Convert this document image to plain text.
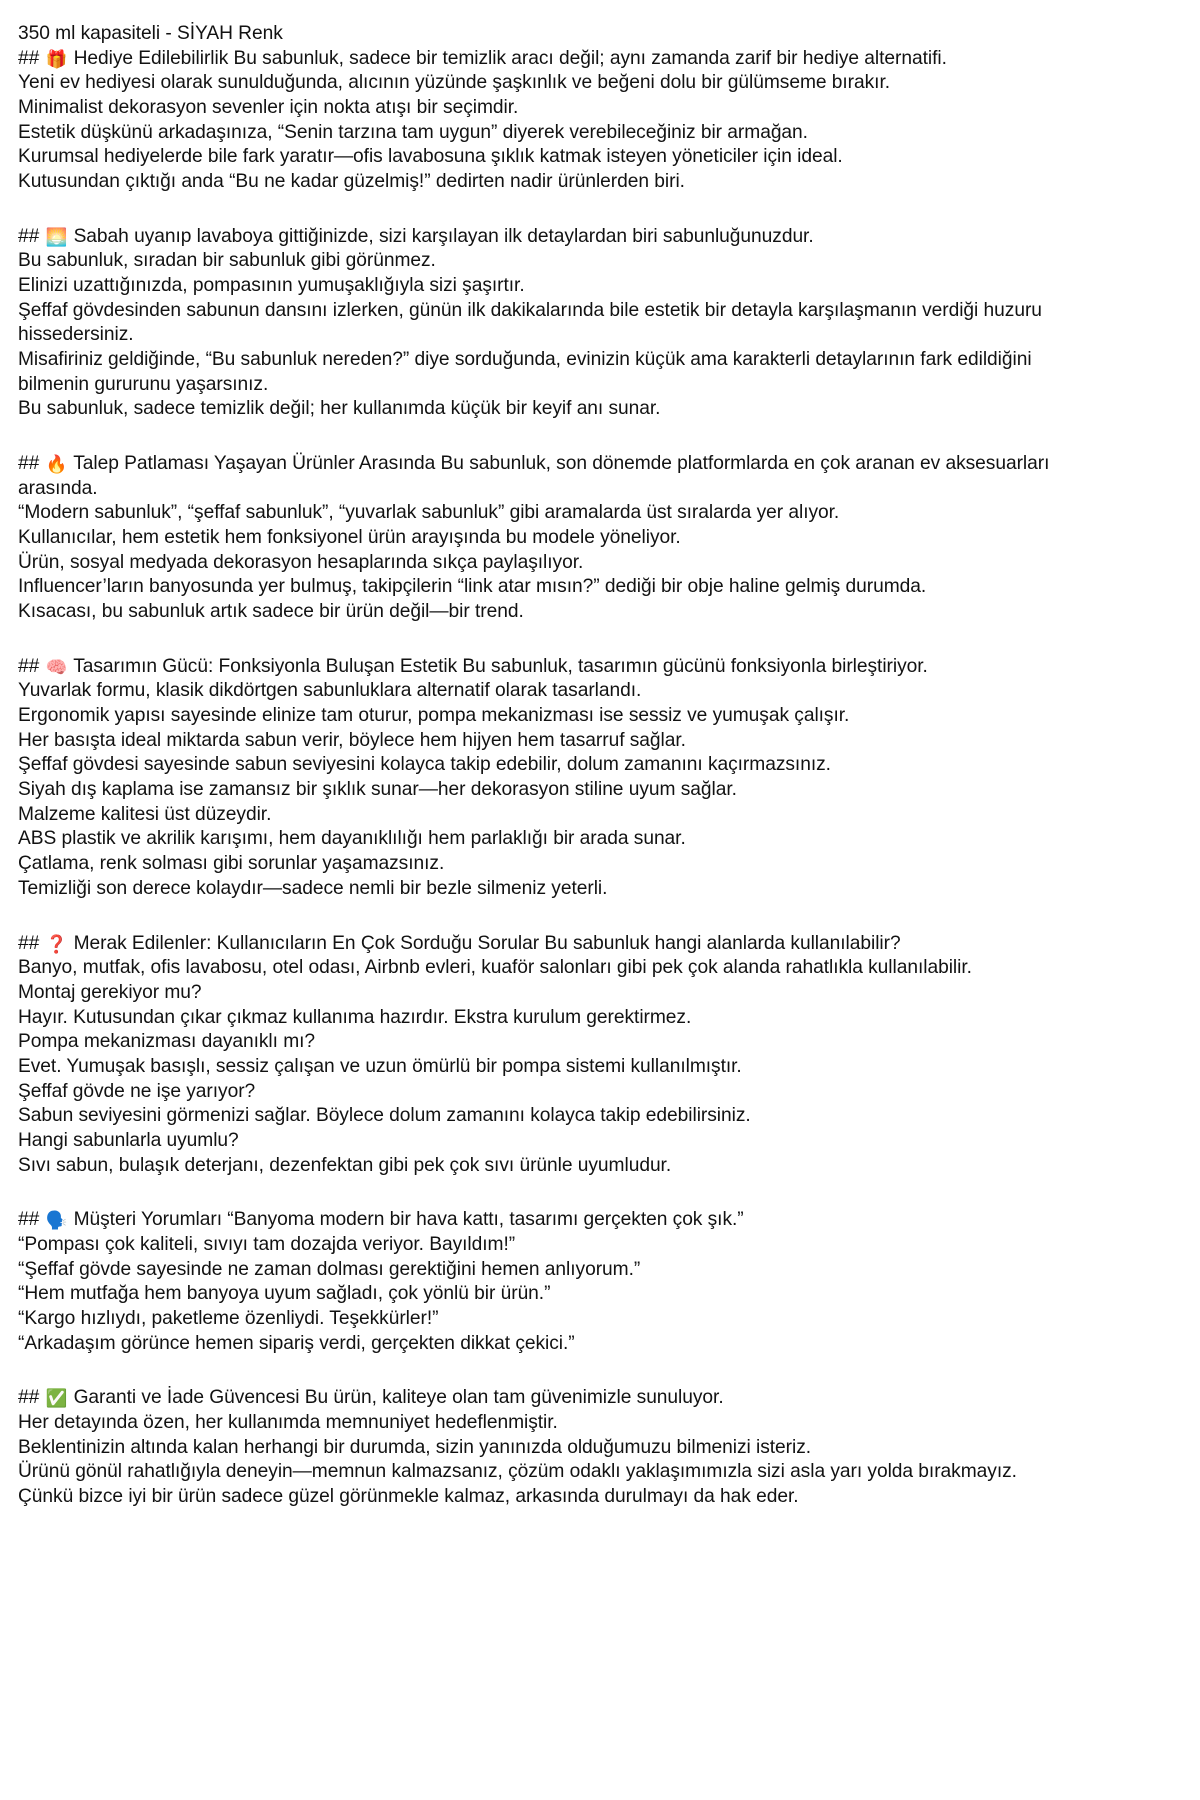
350 ml kapasiteli - SİYAH Renk
## 🎁 Hediye Edilebilirlik Bu sabunluk, sadece bir temizlik aracı değil; aynı zamanda zarif bir hediye alternatifi.
Yeni ev hediyesi olarak sunulduğunda, alıcının yüzünde şaşkınlık ve beğeni dolu bir gülümseme bırakır.
Minimalist dekorasyon sevenler için nokta atışı bir seçimdir.
Estetik düşkünü arkadaşınıza, “Senin tarzına tam uygun” diyerek verebileceğiniz bir armağan.
Kurumsal hediyelerde bile fark yaratır—ofis lavabosuna şıklık katmak isteyen yöneticiler için ideal.
Kutusundan çıktığı anda “Bu ne kadar güzelmiş!” dedirten nadir ürünlerden biri.
## 🌅 Sabah uyanıp lavaboya gittiğinizde, sizi karşılayan ilk detaylardan biri sabunluğunuzdur.
Bu sabunluk, sıradan bir sabunluk gibi görünmez.
Elinizi uzattığınızda, pompasının yumuşaklığıyla sizi şaşırtır.
Şeffaf gövdesinden sabunun dansını izlerken, günün ilk dakikalarında bile estetik bir detayla karşılaşmanın verdiği huzuru hissedersiniz.
Misafiriniz geldiğinde, “Bu sabunluk nereden?” diye sorduğunda, evinizin küçük ama karakterli detaylarının fark edildiğini bilmenin gururunu yaşarsınız.
Bu sabunluk, sadece temizlik değil; her kullanımda küçük bir keyif anı sunar.
## 🔥 Talep Patlaması Yaşayan Ürünler Arasında Bu sabunluk, son dönemde platformlarda en çok aranan ev aksesuarları arasında.
“Modern sabunluk”, “şeffaf sabunluk”, “yuvarlak sabunluk” gibi aramalarda üst sıralarda yer alıyor.
Kullanıcılar, hem estetik hem fonksiyonel ürün arayışında bu modele yöneliyor.
Ürün, sosyal medyada dekorasyon hesaplarında sıkça paylaşılıyor.
Influencer’ların banyosunda yer bulmuş, takipçilerin “link atar mısın?” dediği bir obje haline gelmiş durumda.
Kısacası, bu sabunluk artık sadece bir ürün değil—bir trend.
## 🧠 Tasarımın Gücü: Fonksiyonla Buluşan Estetik Bu sabunluk, tasarımın gücünü fonksiyonla birleştiriyor.
Yuvarlak formu, klasik dikdörtgen sabunluklara alternatif olarak tasarlandı.
Ergonomik yapısı sayesinde elinize tam oturur, pompa mekanizması ise sessiz ve yumuşak çalışır.
Her basışta ideal miktarda sabun verir, böylece hem hijyen hem tasarruf sağlar.
Şeffaf gövdesi sayesinde sabun seviyesini kolayca takip edebilir, dolum zamanını kaçırmazsınız.
Siyah dış kaplama ise zamansız bir şıklık sunar—her dekorasyon stiline uyum sağlar.
Malzeme kalitesi üst düzeydir.
ABS plastik ve akrilik karışımı, hem dayanıklılığı hem parlaklığı bir arada sunar.
Çatlama, renk solması gibi sorunlar yaşamazsınız.
Temizliği son derece kolaydır—sadece nemli bir bezle silmeniz yeterli.
## ❓ Merak Edilenler: Kullanıcıların En Çok Sorduğu Sorular Bu sabunluk hangi alanlarda kullanılabilir?
Banyo, mutfak, ofis lavabosu, otel odası, Airbnb evleri, kuaför salonları gibi pek çok alanda rahatlıkla kullanılabilir.
Montaj gerekiyor mu?
Hayır. Kutusundan çıkar çıkmaz kullanıma hazırdır. Ekstra kurulum gerektirmez.
Pompa mekanizması dayanıklı mı?
Evet. Yumuşak basışlı, sessiz çalışan ve uzun ömürlü bir pompa sistemi kullanılmıştır.
Şeffaf gövde ne işe yarıyor?
Sabun seviyesini görmenizi sağlar. Böylece dolum zamanını kolayca takip edebilirsiniz.
Hangi sabunlarla uyumlu?
Sıvı sabun, bulaşık deterjanı, dezenfektan gibi pek çok sıvı ürünle uyumludur.
## 🗣️ Müşteri Yorumları “Banyoma modern bir hava kattı, tasarımı gerçekten çok şık.”
“Pompası çok kaliteli, sıvıyı tam dozajda veriyor. Bayıldım!”
“Şeffaf gövde sayesinde ne zaman dolması gerektiğini hemen anlıyorum.”
“Hem mutfağa hem banyoya uyum sağladı, çok yönlü bir ürün.”
“Kargo hızlıydı, paketleme özenliydi. Teşekkürler!”
“Arkadaşım görünce hemen sipariş verdi, gerçekten dikkat çekici.”
## ✅ Garanti ve İade Güvencesi Bu ürün, kaliteye olan tam güvenimizle sunuluyor.
Her detayında özen, her kullanımda memnuniyet hedeflenmiştir.
Beklentinizin altında kalan herhangi bir durumda, sizin yanınızda olduğumuzu bilmenizi isteriz.
Ürünü gönül rahatlığıyla deneyin—memnun kalmazsanız, çözüm odaklı yaklaşımımızla sizi asla yarı yolda bırakmayız.
Çünkü bizce iyi bir ürün sadece güzel görünmekle kalmaz, arkasında durulmayı da hak eder.
